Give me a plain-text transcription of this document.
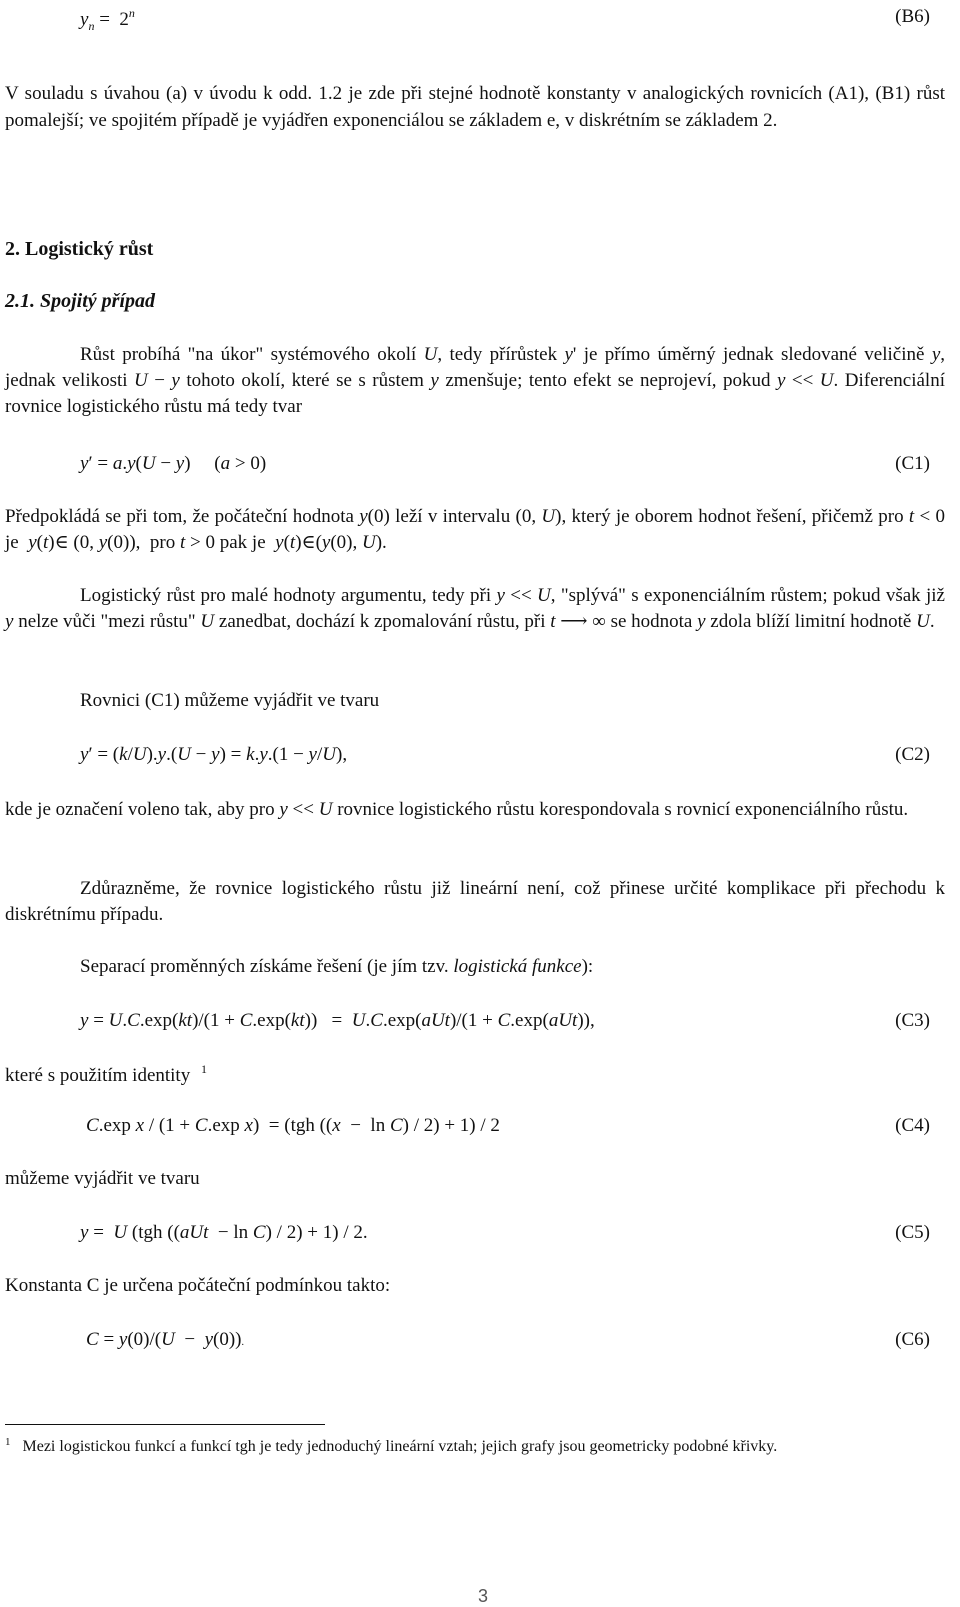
$y_n = 2^n$	(B6)
V souladu s úvahou (a) v úvodu k odd. 1.2 je zde při stejné hodnotě konstanty v analogických rovnicích (A1), (B1) růst pomalejší; ve spojitém případě je vyjádřen exponenciálou se základem e, v diskrétním se základem 2.
2. Logistický růst
2.1. Spojitý případ
Růst probíhá "na úkor" systémového okolí U, tedy přírůstek y' je přímo úměrný jednak sledované veličině y, jednak velikosti U − y tohoto okolí, které se s růstem y zmenšuje; tento efekt se neprojeví, pokud y << U. Diferenciální rovnice logistického růstu má tedy tvar
y′ = a.y(U − y)     (a > 0)	(C1)
Předpokládá se při tom, že počáteční hodnota y(0) leží v intervalu (0, U), který je oborem hodnot řešení, přičemž pro t < 0 je  y(t)∈ (0, y(0)),  pro t > 0 pak je  y(t)∈(y(0), U).
Logistický růst pro malé hodnoty argumentu, tedy při y << U, "splývá" s exponenciálním růstem; pokud však již y nelze vůči "mezi růstu" U zanedbat, dochází k zpomalování růstu, při t ⟶ ∞ se hodnota y zdola blíží limitní hodnotě U.
Rovnici (C1) můžeme vyjádřit ve tvaru
y′ = (k/U).y.(U − y) = k.y.(1 − y/U),	(C2)
kde je označení voleno tak, aby pro y << U rovnice logistického růstu korespondovala s rovnicí exponenciálního růstu.
Zdůrazněme, že rovnice logistického růstu již lineární není, což přinese určité komplikace při přechodu k diskrétnímu případu.
Separací proměnných získáme řešení (je jím tzv. logistická funkce):
y = U.C.exp(kt)/(1 + C.exp(kt))   =  U.C.exp(aUt)/(1 + C.exp(aUt)),	(C3)
které s použitím identity $^1$
C.exp x / (1 + C.exp x)  = (tgh ((x  −  ln C) / 2) + 1) / 2	(C4)
můžeme vyjádřit ve tvaru
y =  U (tgh ((aUt  − ln C) / 2) + 1) / 2.	(C5)
Konstanta C je určena počáteční podmínkou takto:
C = y(0)/(U  −  y(0)).	(C6)
$^1$ Mezi logistickou funkcí a funkcí tgh je tedy jednoduchý lineární vztah; jejich grafy jsou geometricky podobné křivky.
3
